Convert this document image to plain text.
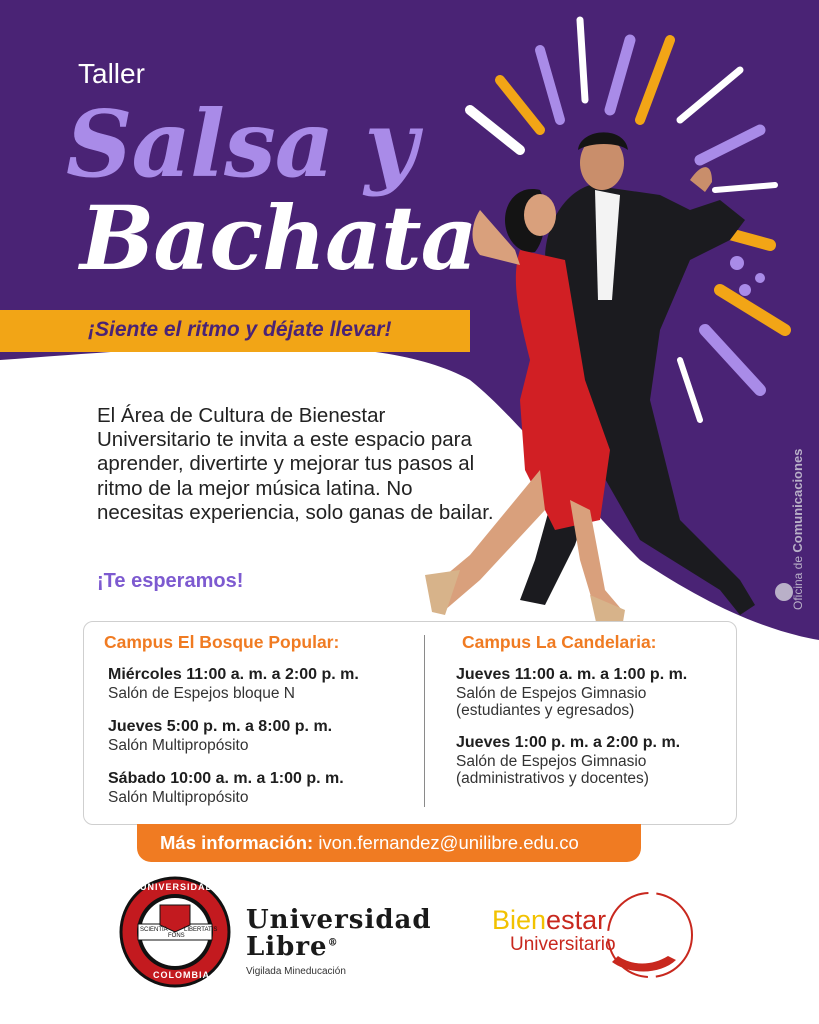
Taller
Salsa y
Bachata
¡Siente el ritmo y déjate llevar!
El Área de Cultura de Bienestar Universitario te invita a este espacio para aprender, divertirte y mejorar tus pasos al ritmo de la mejor música latina. No necesitas experiencia, solo ganas de bailar.
¡Te esperamos!	Oficina de Comunicaciones
Campus El Bosque Popular:
Miércoles 11:00 a. m. a 2:00 p. m.
Salón de Espejos bloque N
Jueves 5:00 p. m. a 8:00 p. m.
Salón Multipropósito
Sábado 10:00 a. m. a 1:00 p. m.
Salón Multipropósito
Campus La Candelaria:
Jueves 11:00 a. m. a 1:00 p. m.
Salón de Espejos Gimnasio
(estudiantes y egresados)
Jueves 1:00 p. m. a 2:00 p. m.
Salón de Espejos Gimnasio
(administrativos y docentes)
Más información: ivon.fernandez@unilibre.edu.co
UNIVERSIDAD LIBRE
COLOMBIA
SCIENTIA
FONS
LIBERTATIS Universidad
Libre®
Vigilada Mineducación
Bienestar
Universitario
